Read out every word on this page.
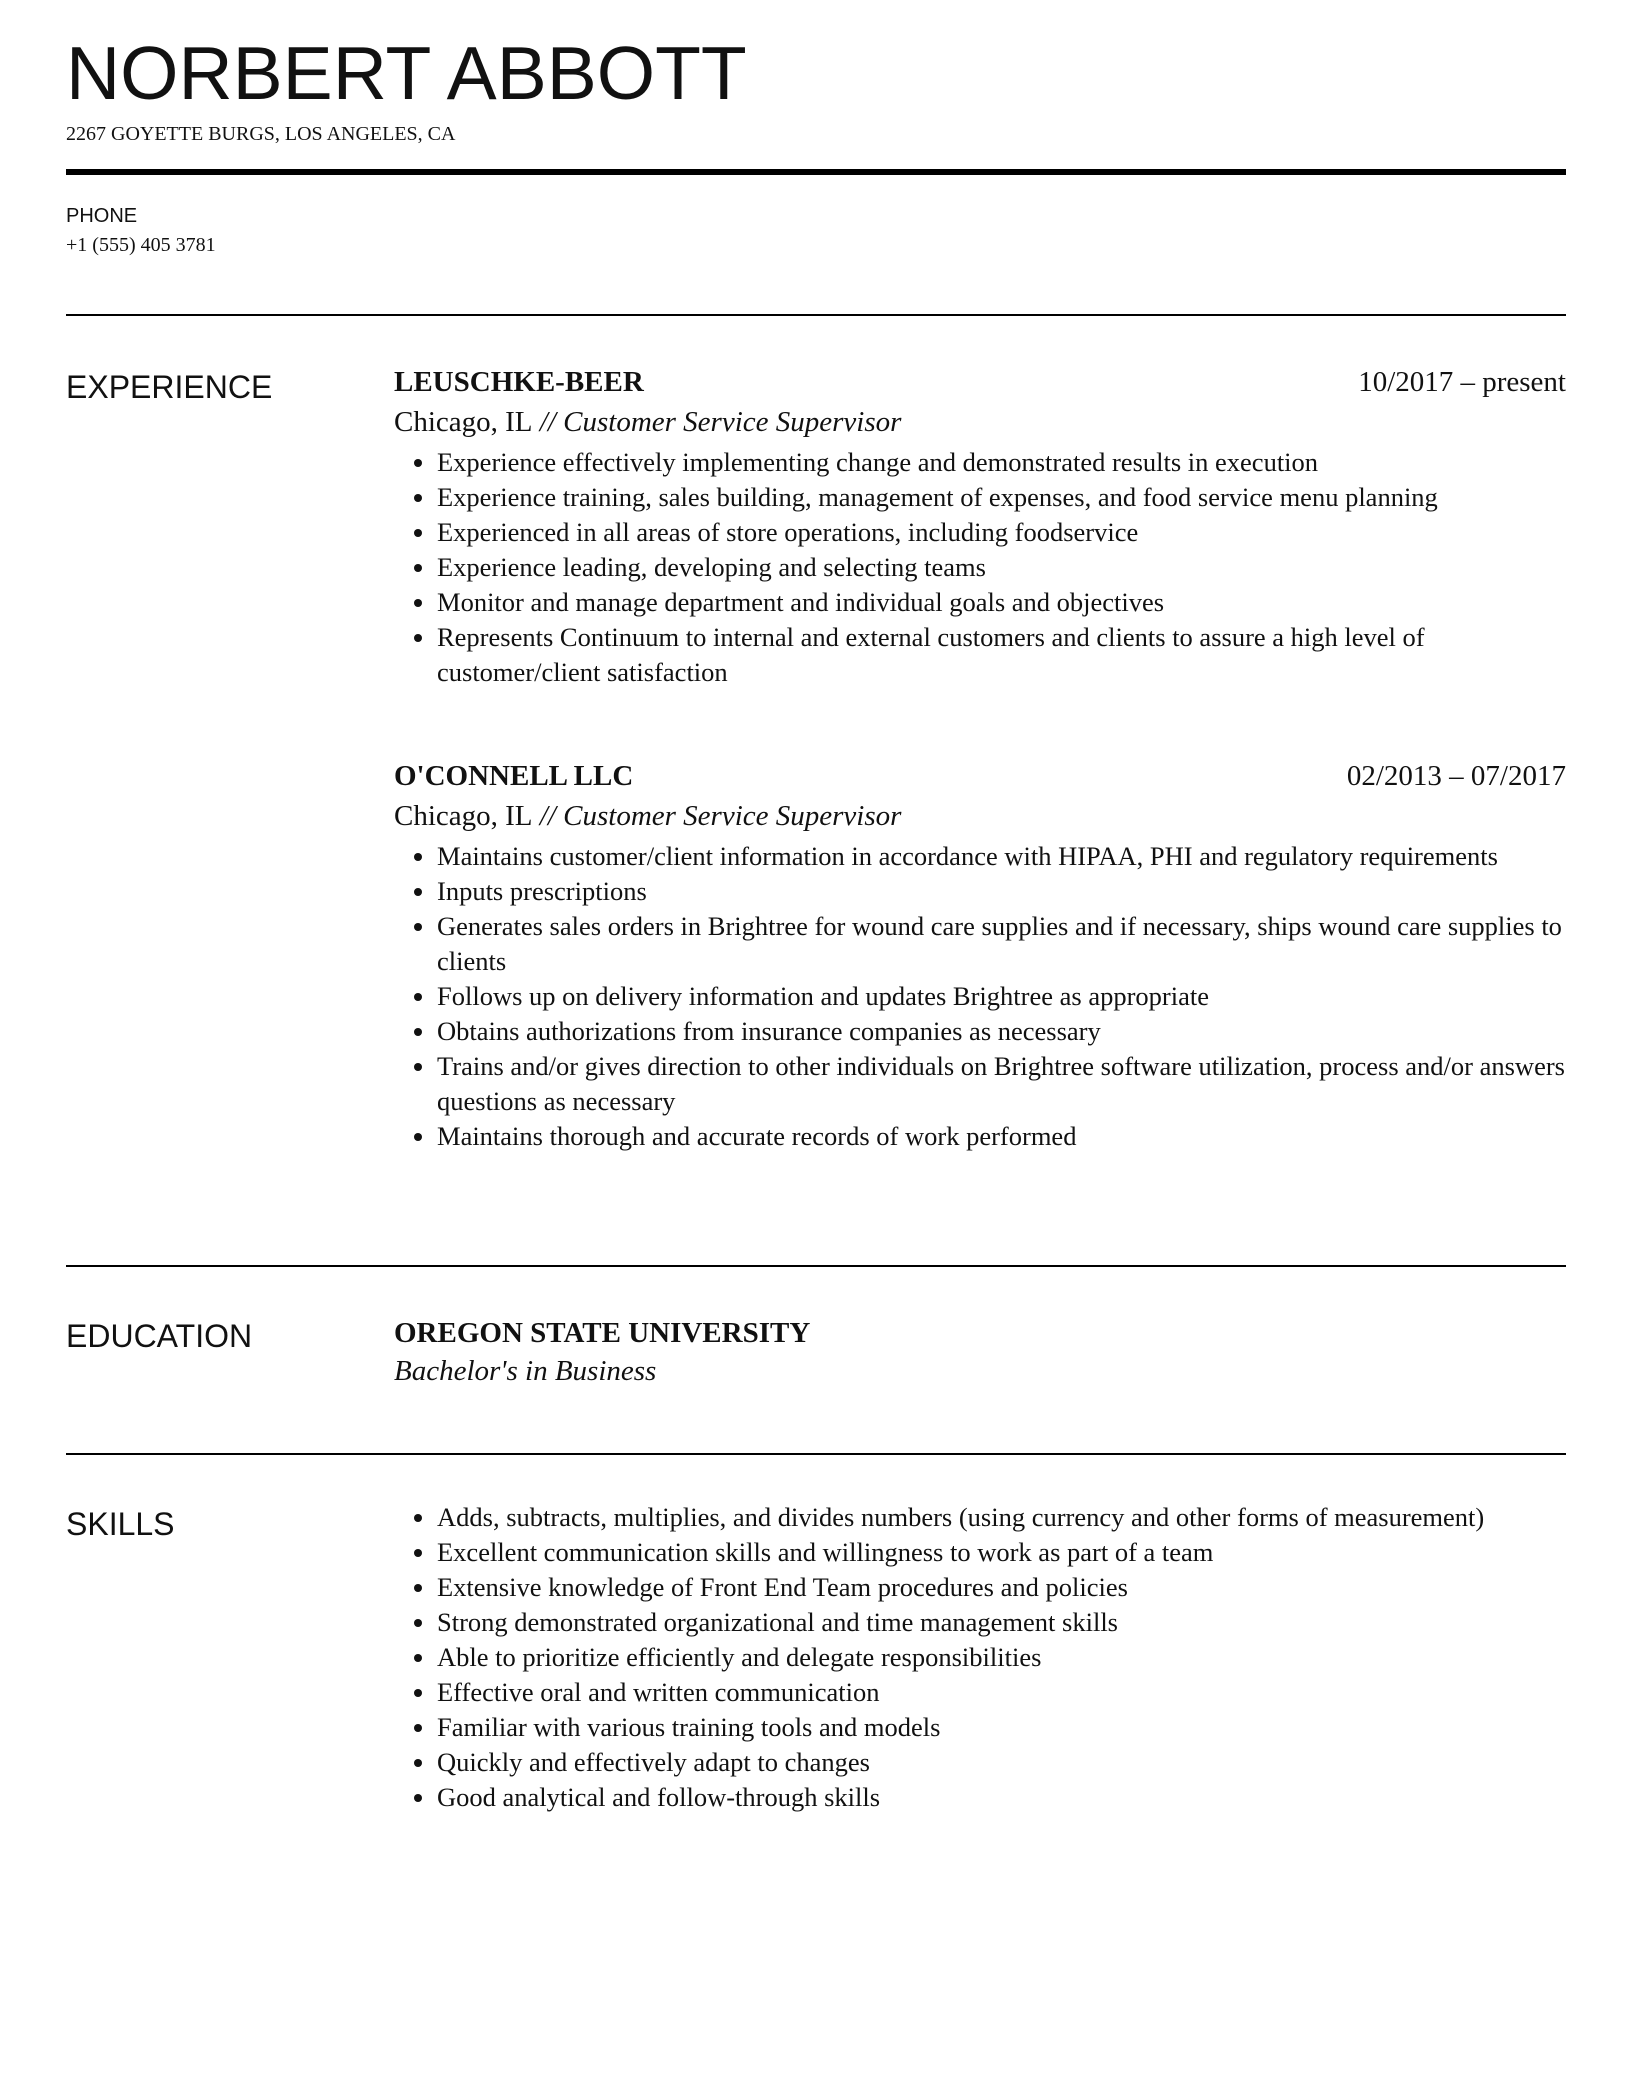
NORBERT ABBOTT
2267 GOYETTE BURGS, LOS ANGELES, CA
PHONE
+1 (555) 405 3781
EXPERIENCE	LEUSCHKE-BEER	10/2017 – present
Chicago, IL // Customer Service Supervisor
• Experience effectively implementing change and demonstrated results in execution
• Experience training, sales building, management of expenses, and food service menu planning
• Experienced in all areas of store operations, including foodservice
• Experience leading, developing and selecting teams
• Monitor and manage department and individual goals and objectives
• Represents Continuum to internal and external customers and clients to assure a high level of customer/client satisfaction
O'CONNELL LLC	02/2013 – 07/2017
Chicago, IL // Customer Service Supervisor
• Maintains customer/client information in accordance with HIPAA, PHI and regulatory requirements
• Inputs prescriptions
• Generates sales orders in Brightree for wound care supplies and if necessary, ships wound care supplies to clients
• Follows up on delivery information and updates Brightree as appropriate
• Obtains authorizations from insurance companies as necessary
• Trains and/or gives direction to other individuals on Brightree software utilization, process and/or answers questions as necessary
• Maintains thorough and accurate records of work performed
EDUCATION	OREGON STATE UNIVERSITY
Bachelor's in Business
SKILLS
•	Adds, subtracts, multiplies, and divides numbers (using currency and other forms of measurement)
• Excellent communication skills and willingness to work as part of a team
• Extensive knowledge of Front End Team procedures and policies
• Strong demonstrated organizational and time management skills
• Able to prioritize efficiently and delegate responsibilities
• Effective oral and written communication
• Familiar with various training tools and models
• Quickly and effectively adapt to changes
• Good analytical and follow-through skills
